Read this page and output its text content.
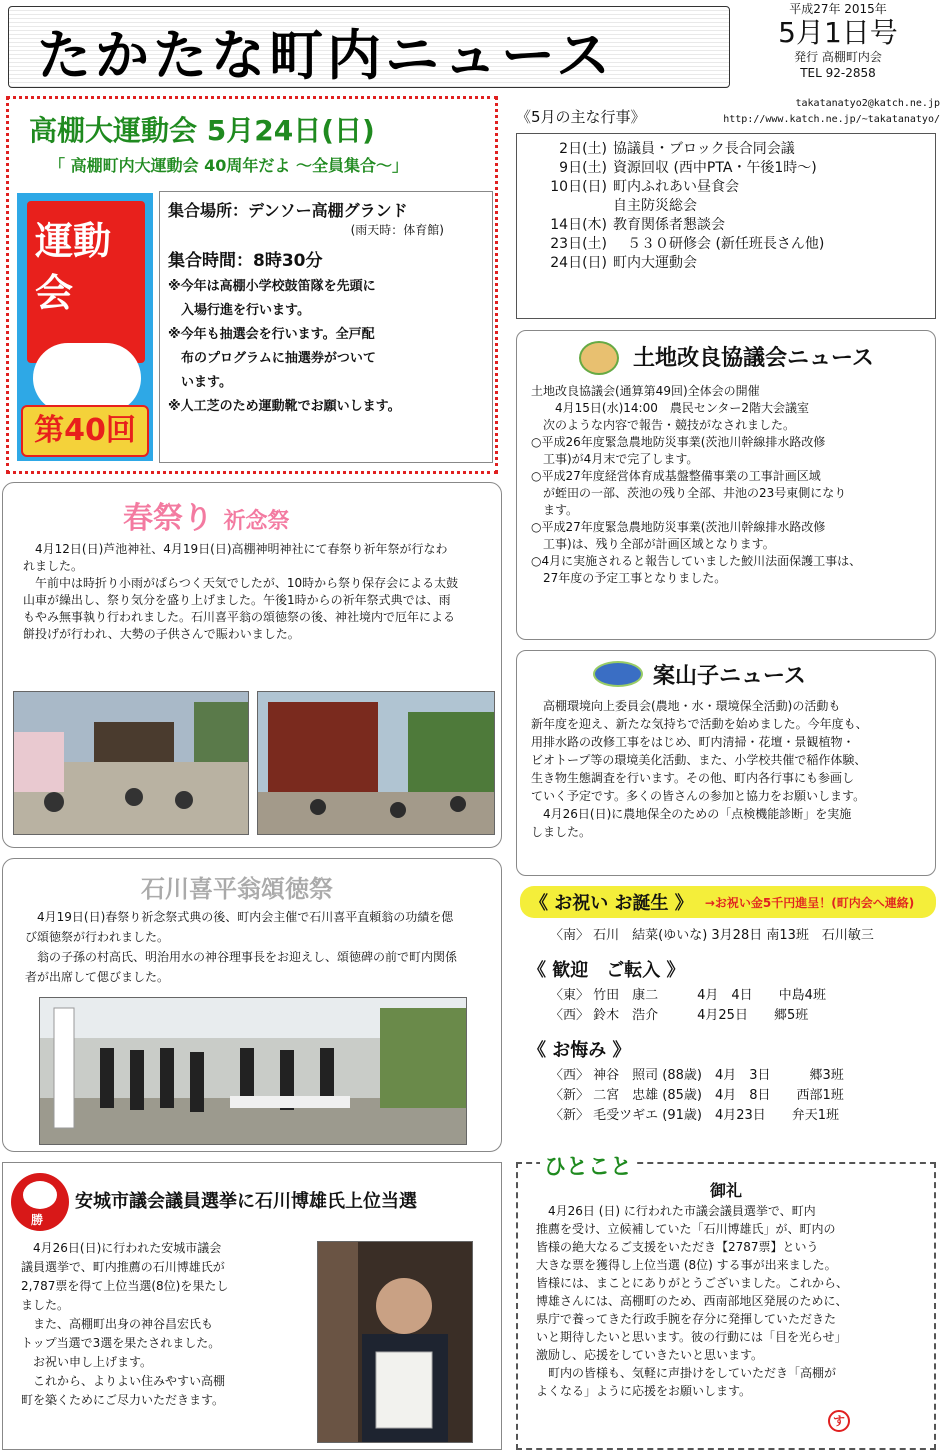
たかたな町内ニュース
平成27年 2015年
5月1日号
発行 高棚町内会
TEL 92-2858
takatanatyo2@katch.ne.jp
http://www.katch.ne.jp/~takatanatyo/
高棚大運動会 5月24日(日)
「 高棚町内大運動会 40周年だよ ～全員集合～」
運動会
第40回
集合場所：デンソー高棚グランド
(雨天時：体育館)
集合時間：8時30分
※今年は高棚小学校鼓笛隊を先頭に
　入場行進を行います。
※今年も抽選会を行います。全戸配
　布のプログラムに抽選券がついて
　います。
※人工芝のため運動靴でお願いします。
春祭り 祈念祭

4月12日(日)芦池神社、4月19日(日)高棚神明神社にて春祭り祈年祭が行なわれました。

午前中は時折り小雨がぱらつく天気でしたが、10時から祭り保存会による太鼓山車が繰出し、祭り気分を盛り上げました。午後1時からの祈年祭式典では、雨もやみ無事執り行われました。石川喜平翁の頌徳祭の後、神社境内で厄年による餅投げが行われ、大勢の子供さんで賑わいました。

石川喜平翁頌徳祭

4月19日(日)春祭り祈念祭式典の後、町内会主催で石川喜平直頼翁の功績を偲び頌徳祭が行われました。

翁の子孫の村高氏、明治用水の神谷理事長をお迎えし、頌徳碑の前で町内関係者が出席して偲びました。

勝
安城市議会議員選挙に石川博雄氏上位当選
　4月26日(日)に行われた安城市議会
議員選挙で、町内推薦の石川博雄氏が
2,787票を得て上位当選(8位)を果たし
ました。
　また、高棚町出身の神谷昌宏氏も
トップ当選で3選を果たされました。
　お祝い申し上げます。
　これから、よりよい住みやすい高棚
町を築くためにご尽力いただきます。
《5月の主な行事》
2日(土) 協議員・ブロック長合同会議
9日(土) 資源回収 (西中PTA・午後1時～)
10日(日) 町内ふれあい昼食会
自主防災総会
14日(木) 教育関係者懇談会
23日(土) 　５３０研修会 (新任班長さん他)
24日(日) 町内大運動会
土地改良協議会ニュース
土地改良協議会(通算第49回)全体会の開催
　　4月15日(水)14:00　農民センター2階大会議室
　次のような内容で報告・競技がなされました。
○平成26年度緊急農地防災事業(茨池川幹線排水路改修
　工事)が4月末で完了します。
○平成27年度経営体育成基盤整備事業の工事計画区域
　が蛭田の一部、茨池の残り全部、井池の23号東側になり
　ます。
○平成27年度緊急農地防災事業(茨池川幹線排水路改修
　工事)は、残り全部が計画区域となります。
○4月に実施されると報告していました鮫川法面保護工事は、
　27年度の予定工事となりました。
案山子ニュース
　高棚環境向上委員会(農地・水・環境保全活動)の活動も
新年度を迎え、新たな気持ちで活動を始めました。今年度も、
用排水路の改修工事をはじめ、町内清掃・花壇・景観植物・
ビオトープ等の環境美化活動、また、小学校共催で稲作体験、
生き物生態調査を行います。その他、町内各行事にも参画し
ていく予定です。多くの皆さんの参加と協力をお願いします。
　4月26日(日)に農地保全のための「点検機能診断」を実施
しました。
《 お祝い お誕生 》 →お祝い金5千円進呈！(町内会へ連絡)
〈南〉 石川　結菜(ゆいな) 3月28日 南13班　石川敏三
《 歓迎　ご転入 》
〈東〉 竹田　康二　　　4月　4日　　中島4班
〈西〉 鈴木　浩介　　　4月25日　　郷5班
《 お悔み 》
〈西〉 神谷　照司 (88歳)　4月　3日　　　郷3班
〈新〉 二宮　忠雄 (85歳)　4月　8日　　西部1班
〈新〉 毛受ツギエ (91歳)　4月23日　　弁天1班
ひとこと
御礼
　4月26日 (日) に行われた市議会議員選挙で、町内
推薦を受け、立候補していた「石川博雄氏」が、町内の
皆様の絶大なるご支援をいただき【2787票】という
大きな票を獲得し上位当選 (8位) する事が出来ました。
皆様には、まことにありがとうございました。これから、
博雄さんには、高棚町のため、西南部地区発展のために、
県庁で養ってきた行政手腕を存分に発揮していただきた
いと期待したいと思います。彼の行動には「目を光らせ」
激励し、応援をしていきたいと思います。
　町内の皆様も、気軽に声掛けをしていただき「高棚が
よくなる」ように応援をお願いします。
す
